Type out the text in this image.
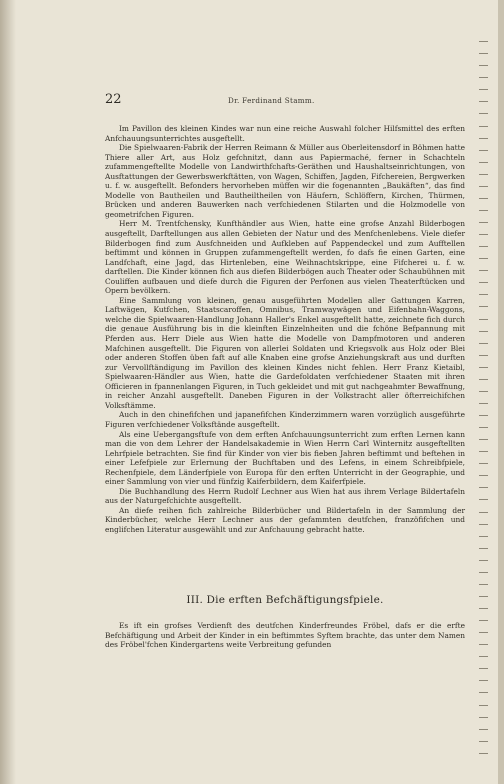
22	Dr. Ferdinand Stamm.

Im Pavillon des kleinen Kindes war nun eine reiche Auswahl folcher Hilfsmittel des erften Anfchauungsunterrichtes ausgeftellt.

Die Spielwaaren-Fabrik der Herren Reimann & Müller aus Oberleitensdorf in Böhmen hatte Thiere aller Art, aus Holz gefchnitzt, dann aus Papiermaché, ferner in Schachteln zufammengeftellte Modelle von Landwirthfchafts-Geräthen und Haushaltseinrichtungen, von Ausftattungen der Gewerbswerkftätten, von Wagen, Schiffen, Jagden, Fifchereien, Bergwerken u. f. w. ausgeftellt. Befonders hervorheben müffen wir die fogenannten „Baukäften“, das find Modelle von Bautheilen und Bautheiltheilen von Häufern, Schlöffern, Kirchen, Thürmen, Brücken und anderen Bauwerken nach verfchiedenen Stilarten und die Holzmodelle von geometrifchen Figuren.

Herr M. Trentfchensky, Kunfthändler aus Wien, hatte eine grofse Anzahl Bilderbogen ausgeftellt, Darftellungen aus allen Gebieten der Natur und des Menfchenlebens. Viele diefer Bilderbogen find zum Ausfchneiden und Aufkleben auf Pappendeckel und zum Aufftellen beftimmt und können in Gruppen zufammengeftellt werden, fo dafs fie einen Garten, eine Landfchaft, eine Jagd, das Hirtenleben, eine Weihnachtskrippe, eine Fifcherei u. f. w. darftellen. Die Kinder können fich aus diefen Bilderbögen auch Theater oder Schaubühnen mit Couliffen aufbauen und diefe durch die Figuren der Perfonen aus vielen Theaterftücken und Opern bevölkern.

Eine Sammlung von kleinen, genau ausgeführten Modellen aller Gattungen Karren, Laftwägen, Kutfchen, Staatscaroffen, Omnibus, Tramwaywägen und Eifenbahn-Waggons, welche die Spielwaaren-Handlung Johann Haller's Enkel ausgeftellt hatte, zeichnete fich durch die genaue Ausführung bis in die kleinften Einzelnheiten und die fchöne Befpannung mit Pferden aus. Herr Diele aus Wien hatte die Modelle von Dampfmotoren und anderen Mafchinen ausgeftellt. Die Figuren von allerlei Soldaten und Kriegsvolk aus Holz oder Blei oder anderen Stoffen üben faft auf alle Knaben eine grofse Anziehungskraft aus und durften zur Vervollftändigung im Pavillon des kleinen Kindes nicht fehlen. Herr Franz Kietaibl, Spielwaaren-Händler aus Wien, hatte die Gardefoldaten verfchiedener Staaten mit ihren Officieren in fpannenlangen Figuren, in Tuch gekleidet und mit gut nachgeahmter Bewaffnung, in reicher Anzahl ausgeftellt. Daneben Figuren in der Volkstracht aller öfterreichifchen Volksftämme.

Auch in den chinefifchen und japanefifchen Kinderzimmern waren vorzüglich ausgeführte Figuren verfchiedener Volksftände ausgeftellt.

Als eine Uebergangsftufe von dem erften Anfchauungsunterricht zum erften Lernen kann man die von dem Lehrer der Handelsakademie in Wien Herrn Carl Winternitz ausgeftellten Lehrfpiele betrachten. Sie find für Kinder von vier bis fieben Jahren beftimmt und beftehen in einer Lefefpiele zur Erlernung der Buchftaben und des Lefens, in einem Schreibfpiele, Rechenfpiele, dem Länderfpiele von Europa für den erften Unterricht in der Geographie, und einer Sammlung von vier und fünfzig Kaiferbildern, dem Kaiferfpiele.

Die Buchhandlung des Herrn Rudolf Lechner aus Wien hat aus ihrem Verlage Bildertafeln aus der Naturgefchichte ausgeftellt.

An diefe reihen fich zahlreiche Bilderbücher und Bildertafeln in der Sammlung der Kinderbücher, welche Herr Lechner aus der gefammten deutfchen, franzöfifchen und englifchen Literatur ausgewählt und zur Anfchauung gebracht hatte.

III. Die erften Befchäftigungsfpiele.

Es ift ein grofses Verdienft des deutfchen Kinderfreundes Fröbel, dafs er die erfte Befchäftigung und Arbeit der Kinder in ein beftimmtes Syftem brachte, das unter dem Namen des Fröbel'fchen Kindergartens weite Verbreitung gefunden
